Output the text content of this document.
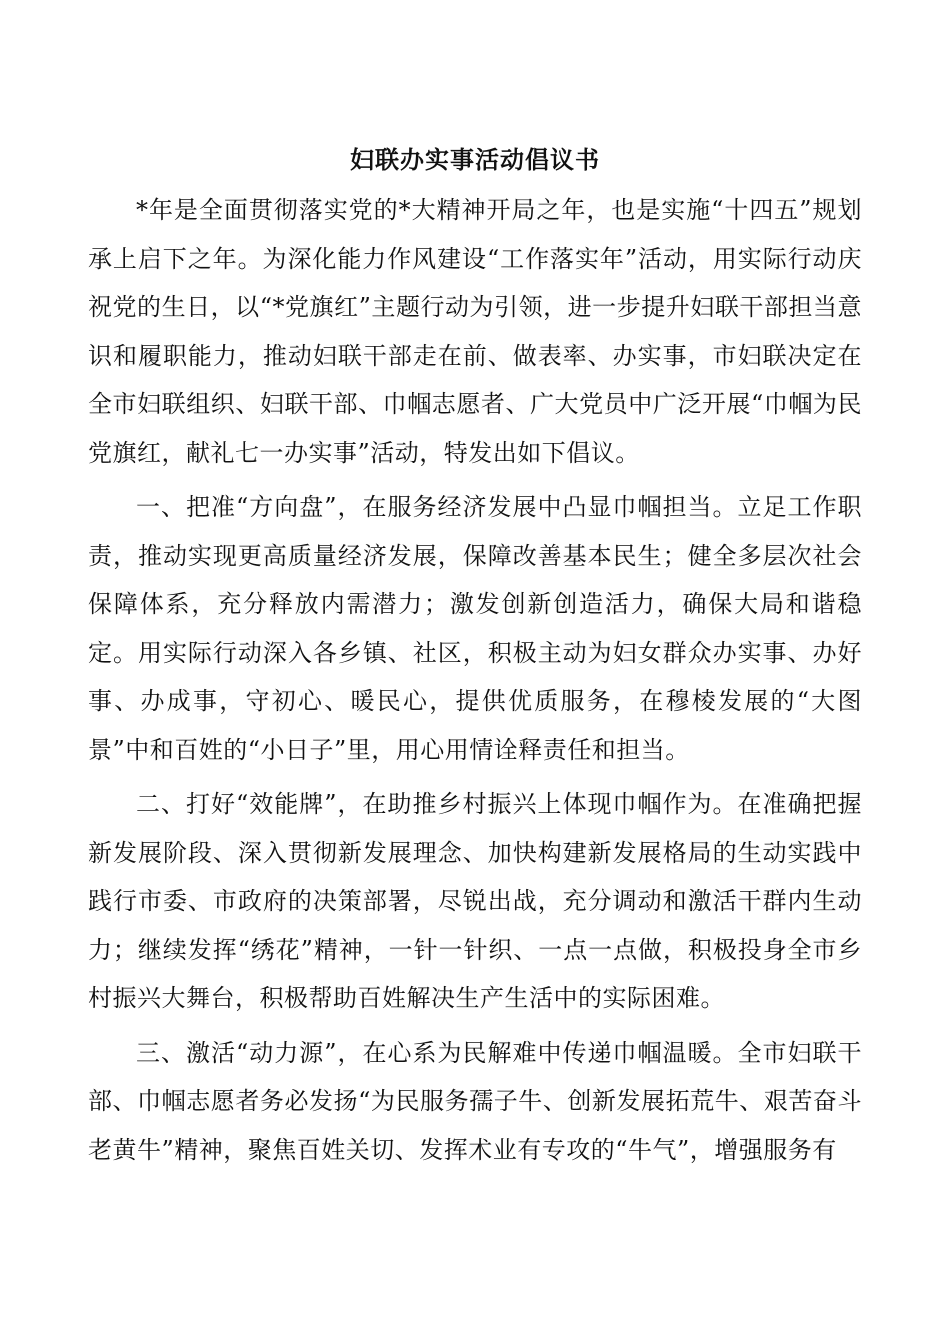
妇联办实事活动倡议书

*年是全面贯彻落实党的*大精神开局之年，也是实施“十四五”规划承上启下之年。为深化能力作风建设“工作落实年”活动，用实际行动庆祝党的生日，以“*党旗红”主题行动为引领，进一步提升妇联干部担当意识和履职能力，推动妇联干部走在前、做表率、办实事，市妇联决定在全市妇联组织、妇联干部、巾帼志愿者、广大党员中广泛开展“巾帼为民党旗红，献礼七一办实事”活动，特发出如下倡议。

一、把准“方向盘”，在服务经济发展中凸显巾帼担当。立足工作职责，推动实现更高质量经济发展，保障改善基本民生；健全多层次社会保障体系，充分释放内需潜力；激发创新创造活力，确保大局和谐稳定。用实际行动深入各乡镇、社区，积极主动为妇女群众办实事、办好事、办成事，守初心、暖民心，提供优质服务，在穆棱发展的“大图景”中和百姓的“小日子”里，用心用情诠释责任和担当。

二、打好“效能牌”，在助推乡村振兴上体现巾帼作为。在准确把握新发展阶段、深入贯彻新发展理念、加快构建新发展格局的生动实践中践行市委、市政府的决策部署，尽锐出战，充分调动和激活干群内生动力；继续发挥“绣花”精神，一针一针织、一点一点做，积极投身全市乡村振兴大舞台，积极帮助百姓解决生产生活中的实际困难。

三、激活“动力源”，在心系为民解难中传递巾帼温暖。全市妇联干部、巾帼志愿者务必发扬“为民服务孺子牛、创新发展拓荒牛、艰苦奋斗老黄牛”精神，聚焦百姓关切、发挥术业有专攻的“牛气”，增强服务有
